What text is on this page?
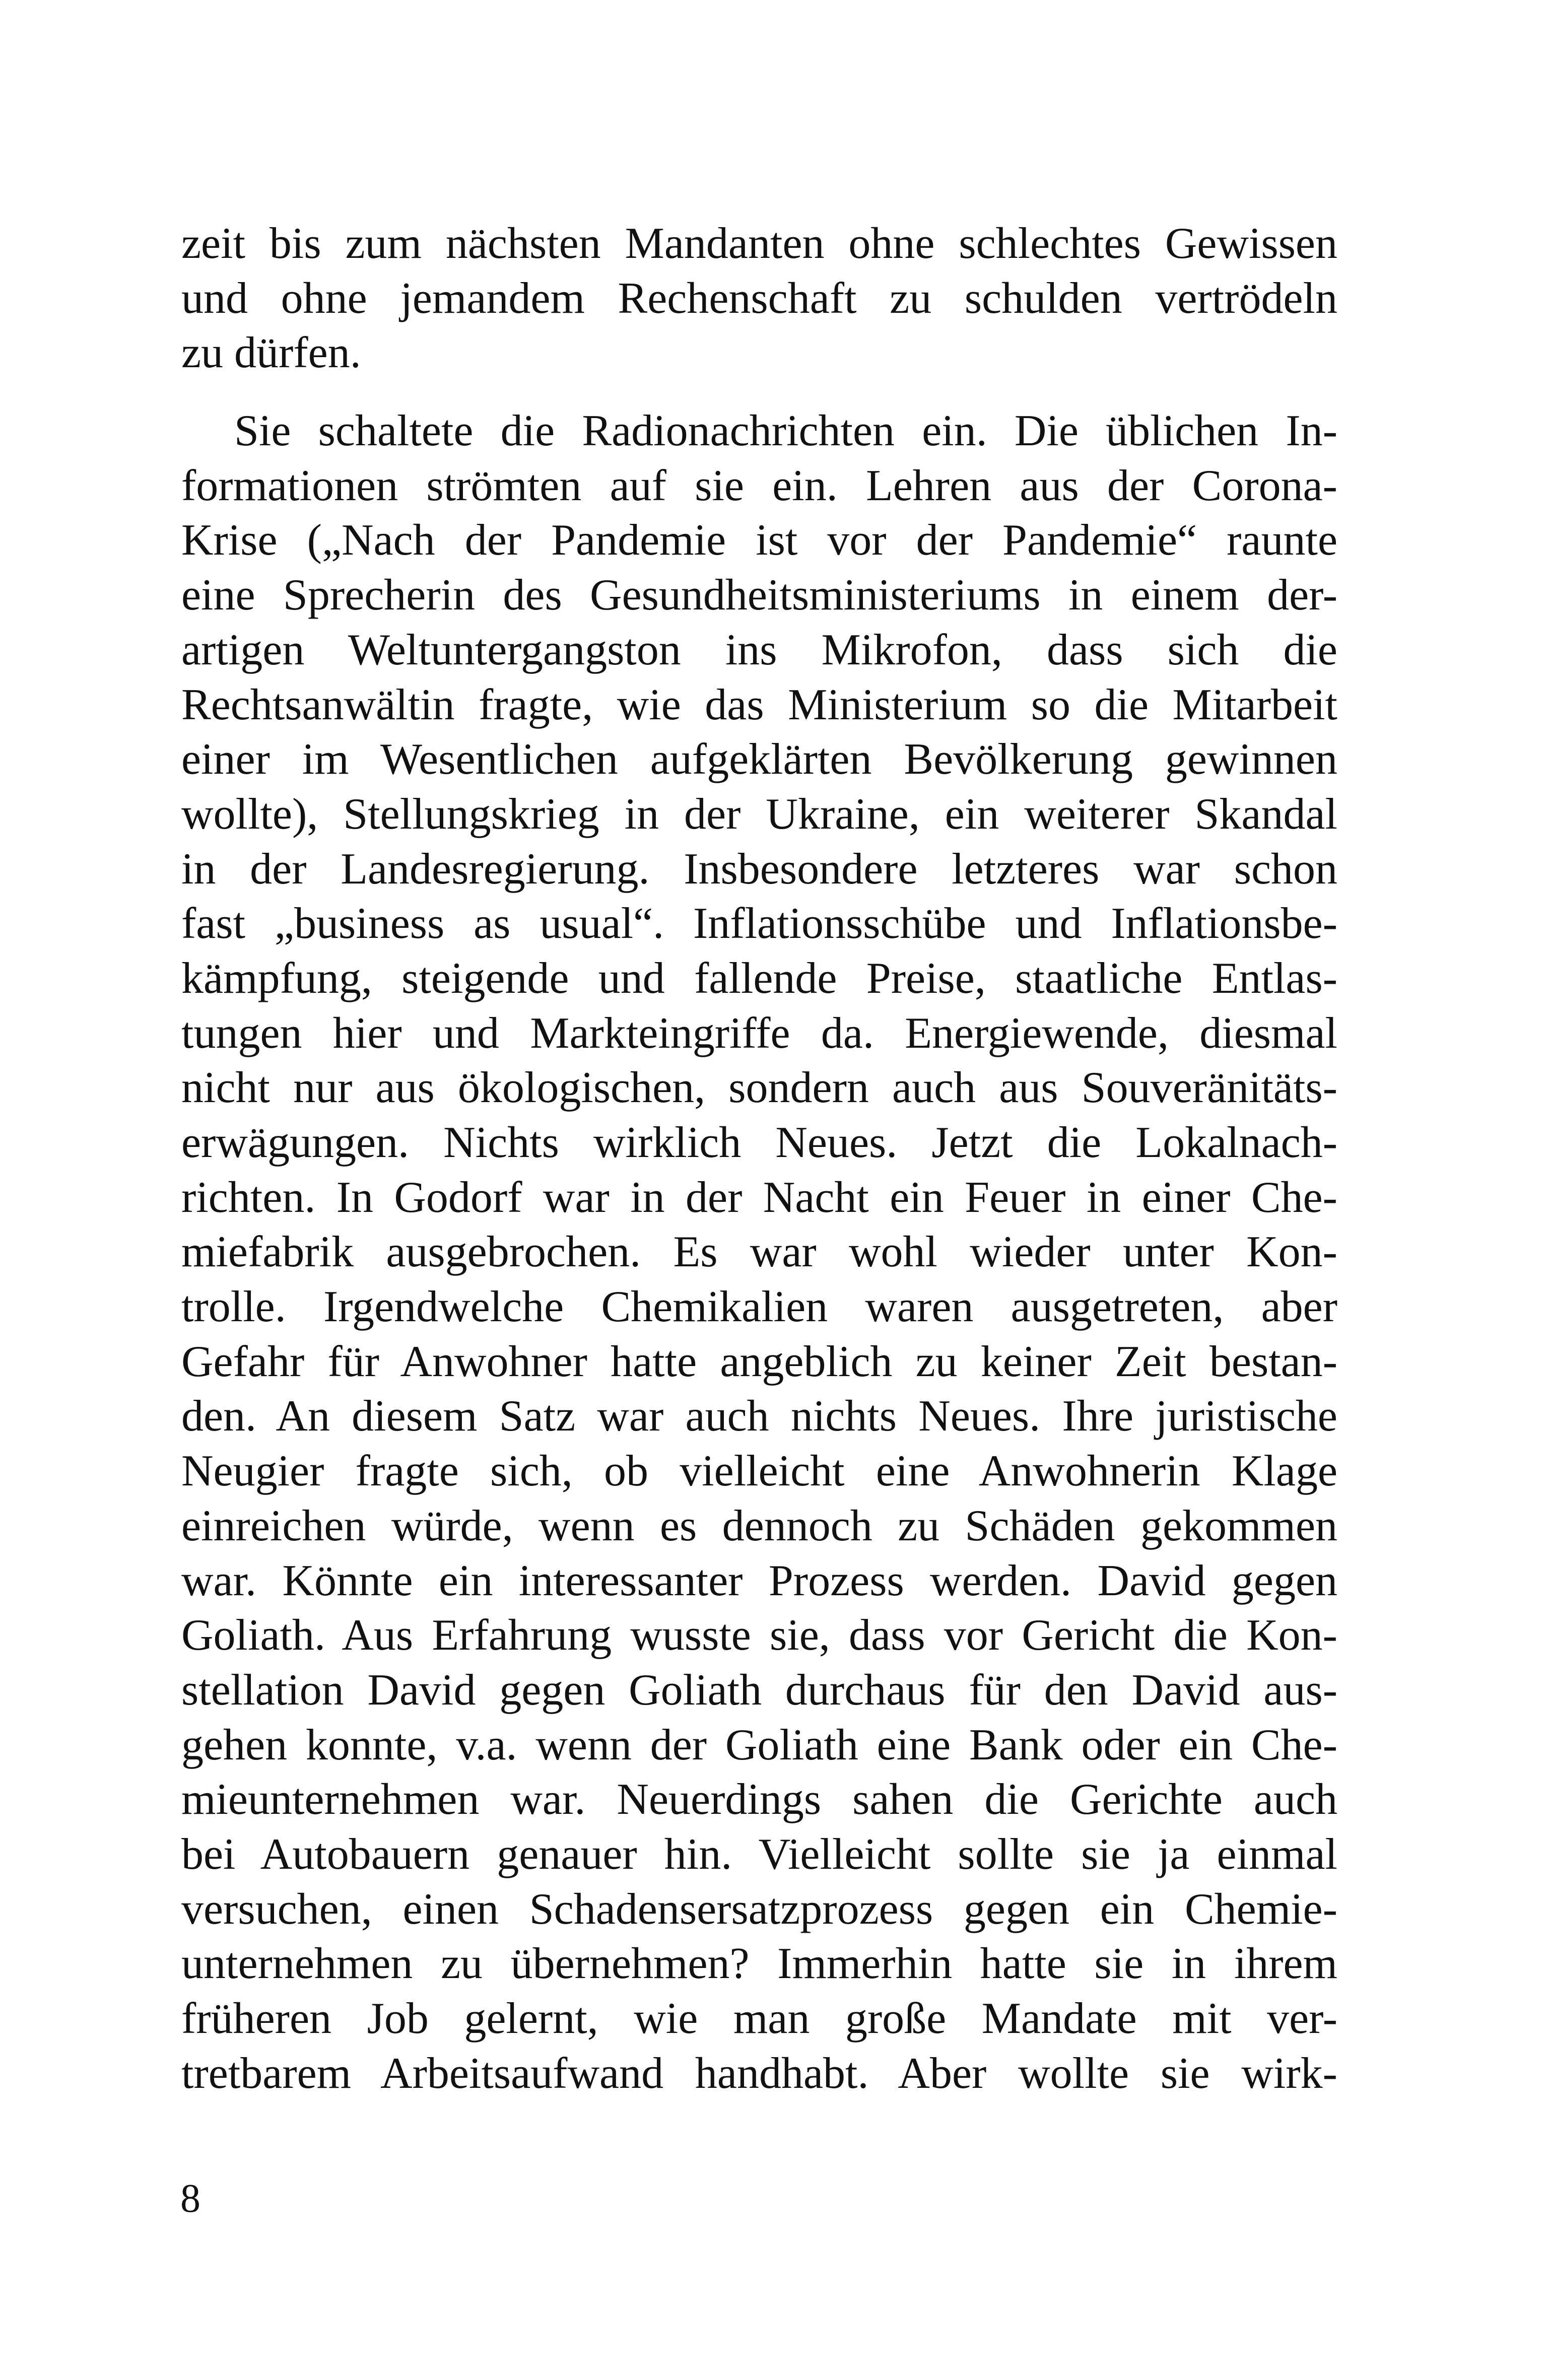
zeit bis zum nächsten Mandanten ohne schlechtes Gewissen
und ohne jemandem Rechenschaft zu schulden vertrödeln
zu dürfen.
Sie schaltete die Radionachrichten ein. Die üblichen In-
formationen strömten auf sie ein. Lehren aus der Corona-
Krise („Nach der Pandemie ist vor der Pandemie“ raunte
eine Sprecherin des Gesundheitsministeriums in einem der-
artigen Weltuntergangston ins Mikrofon, dass sich die
Rechtsanwältin fragte, wie das Ministerium so die Mitarbeit
einer im Wesentlichen aufgeklärten Bevölkerung gewinnen
wollte), Stellungskrieg in der Ukraine, ein weiterer Skandal
in der Landesregierung. Insbesondere letzteres war schon
fast „business as usual“. Inflationsschübe und Inflationsbe-
kämpfung, steigende und fallende Preise, staatliche Entlas-
tungen hier und Markteingriffe da. Energiewende, diesmal
nicht nur aus ökologischen, sondern auch aus Souveränitäts-
erwägungen. Nichts wirklich Neues. Jetzt die Lokalnach-
richten. In Godorf war in der Nacht ein Feuer in einer Che-
miefabrik ausgebrochen. Es war wohl wieder unter Kon-
trolle. Irgendwelche Chemikalien waren ausgetreten, aber
Gefahr für Anwohner hatte angeblich zu keiner Zeit bestan-
den. An diesem Satz war auch nichts Neues. Ihre juristische
Neugier fragte sich, ob vielleicht eine Anwohnerin Klage
einreichen würde, wenn es dennoch zu Schäden gekommen
war. Könnte ein interessanter Prozess werden. David gegen
Goliath. Aus Erfahrung wusste sie, dass vor Gericht die Kon-
stellation David gegen Goliath durchaus für den David aus-
gehen konnte, v.a. wenn der Goliath eine Bank oder ein Che-
mieunternehmen war. Neuerdings sahen die Gerichte auch
bei Autobauern genauer hin. Vielleicht sollte sie ja einmal
versuchen, einen Schadensersatzprozess gegen ein Chemie-
unternehmen zu übernehmen? Immerhin hatte sie in ihrem
früheren Job gelernt, wie man große Mandate mit ver-
tretbarem Arbeitsaufwand handhabt. Aber wollte sie wirk-
8
